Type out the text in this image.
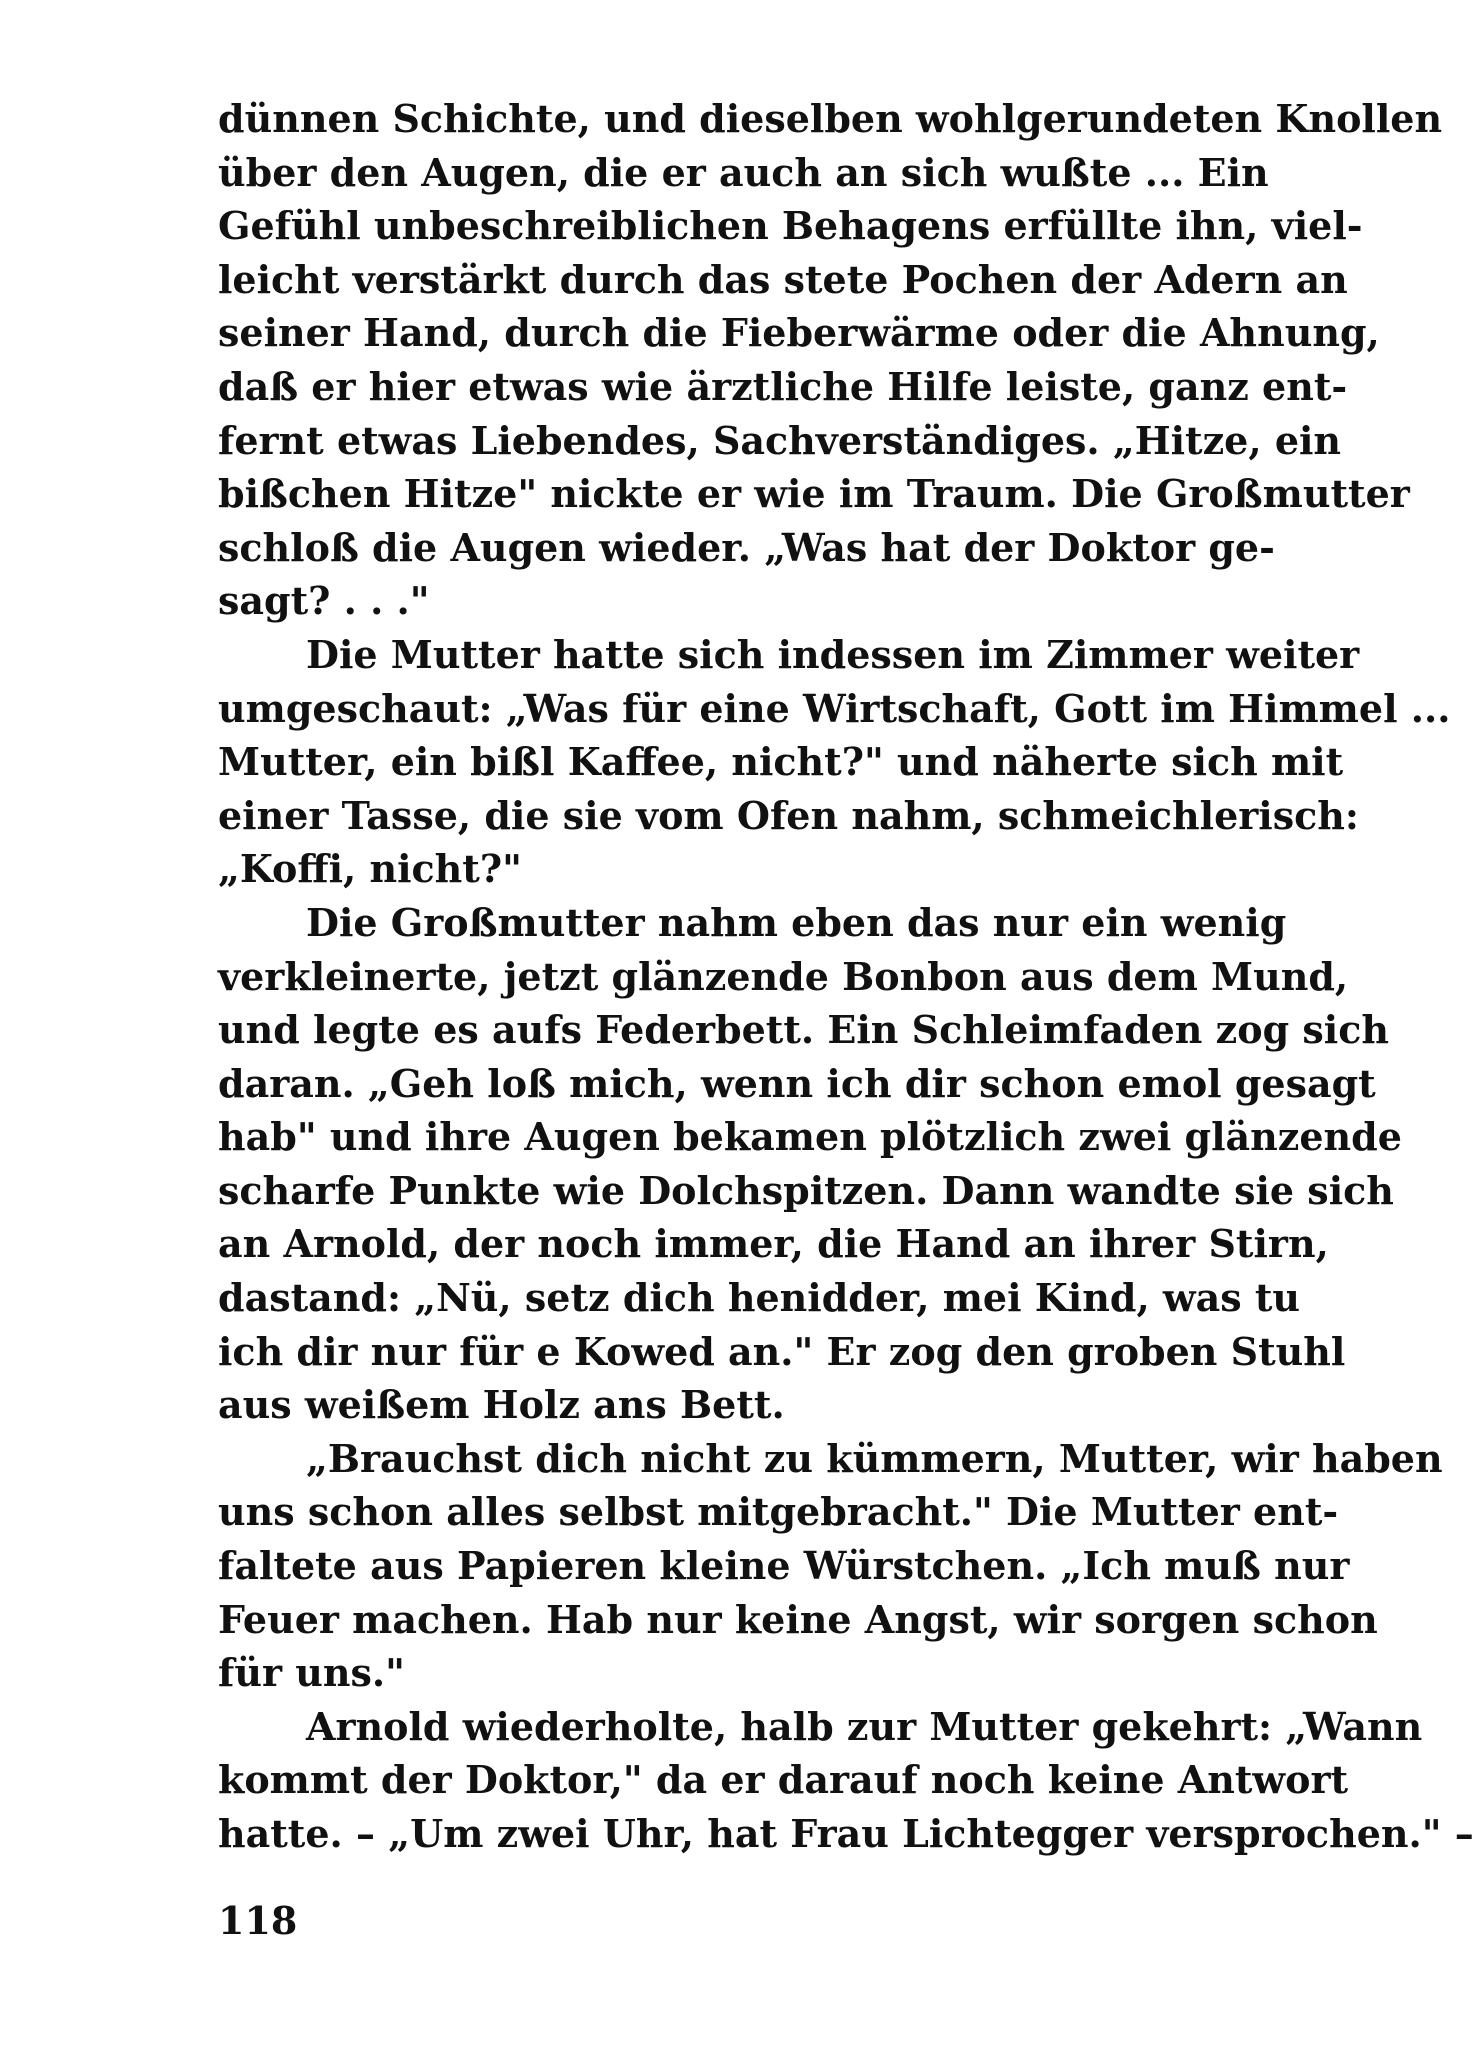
dünnen Schichte, und dieselben wohlgerundeten Knollen
über den Augen, die er auch an sich wußte ... Ein
Gefühl unbeschreiblichen Behagens erfüllte ihn, viel-
leicht verstärkt durch das stete Pochen der Adern an
seiner Hand, durch die Fieberwärme oder die Ahnung,
daß er hier etwas wie ärztliche Hilfe leiste, ganz ent-
fernt etwas Liebendes, Sachverständiges. „Hitze, ein
bißchen Hitze" nickte er wie im Traum. Die Großmutter
schloß die Augen wieder. „Was hat der Doktor ge-
sagt? . . ."
Die Mutter hatte sich indessen im Zimmer weiter
umgeschaut: „Was für eine Wirtschaft, Gott im Himmel ...
Mutter, ein bißl Kaffee, nicht?" und näherte sich mit
einer Tasse, die sie vom Ofen nahm, schmeichlerisch:
„Koffi, nicht?"
Die Großmutter nahm eben das nur ein wenig
verkleinerte, jetzt glänzende Bonbon aus dem Mund,
und legte es aufs Federbett. Ein Schleimfaden zog sich
daran. „Geh loß mich, wenn ich dir schon emol gesagt
hab" und ihre Augen bekamen plötzlich zwei glänzende
scharfe Punkte wie Dolchspitzen. Dann wandte sie sich
an Arnold, der noch immer, die Hand an ihrer Stirn,
dastand: „Nü, setz dich henidder, mei Kind, was tu
ich dir nur für e Kowed an." Er zog den groben Stuhl
aus weißem Holz ans Bett.
„Brauchst dich nicht zu kümmern, Mutter, wir haben
uns schon alles selbst mitgebracht." Die Mutter ent-
faltete aus Papieren kleine Würstchen. „Ich muß nur
Feuer machen. Hab nur keine Angst, wir sorgen schon
für uns."
Arnold wiederholte, halb zur Mutter gekehrt: „Wann
kommt der Doktor," da er darauf noch keine Antwort
hatte. – „Um zwei Uhr, hat Frau Lichtegger versprochen." –
118
